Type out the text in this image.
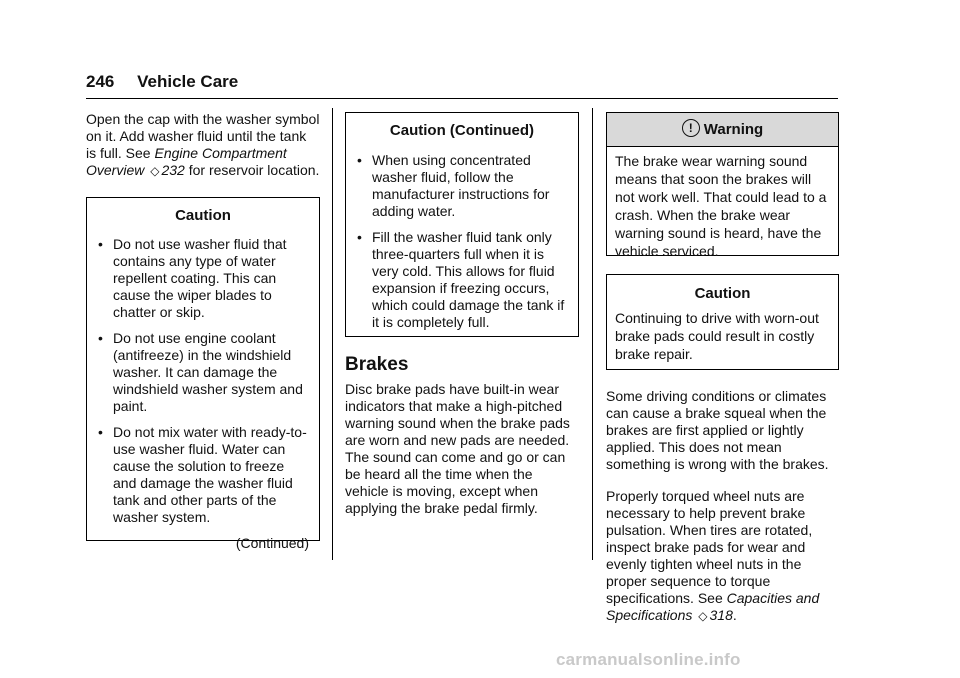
246 Vehicle Care

Open the cap with the washer symbol on it. Add washer fluid until the tank is full. See Engine Compartment Overview ◇ 232 for reservoir location.

Caution
• Do not use washer fluid that contains any type of water repellent coating. This can cause the wiper blades to chatter or skip.
• Do not use engine coolant (antifreeze) in the windshield washer. It can damage the windshield washer system and paint.
• Do not mix water with ready-to-use washer fluid. Water can cause the solution to freeze and damage the washer fluid tank and other parts of the washer system.
(Continued)
Caution (Continued)
• When using concentrated washer fluid, follow the manufacturer instructions for adding water.
• Fill the washer fluid tank only three-quarters full when it is very cold. This allows for fluid expansion if freezing occurs, which could damage the tank if it is completely full.
Brakes

Disc brake pads have built-in wear indicators that make a high-pitched warning sound when the brake pads are worn and new pads are needed. The sound can come and go or can be heard all the time when the vehicle is moving, except when applying the brake pedal firmly.

! Warning

The brake wear warning sound means that soon the brakes will not work well. That could lead to a crash. When the brake wear warning sound is heard, have the vehicle serviced.

Caution

Continuing to drive with worn-out brake pads could result in costly brake repair.

Some driving conditions or climates can cause a brake squeal when the brakes are first applied or lightly applied. This does not mean something is wrong with the brakes.

Properly torqued wheel nuts are necessary to help prevent brake pulsation. When tires are rotated, inspect brake pads for wear and evenly tighten wheel nuts in the proper sequence to torque specifications. See Capacities and Specifications ◇ 318.

carmanualsonline.info
